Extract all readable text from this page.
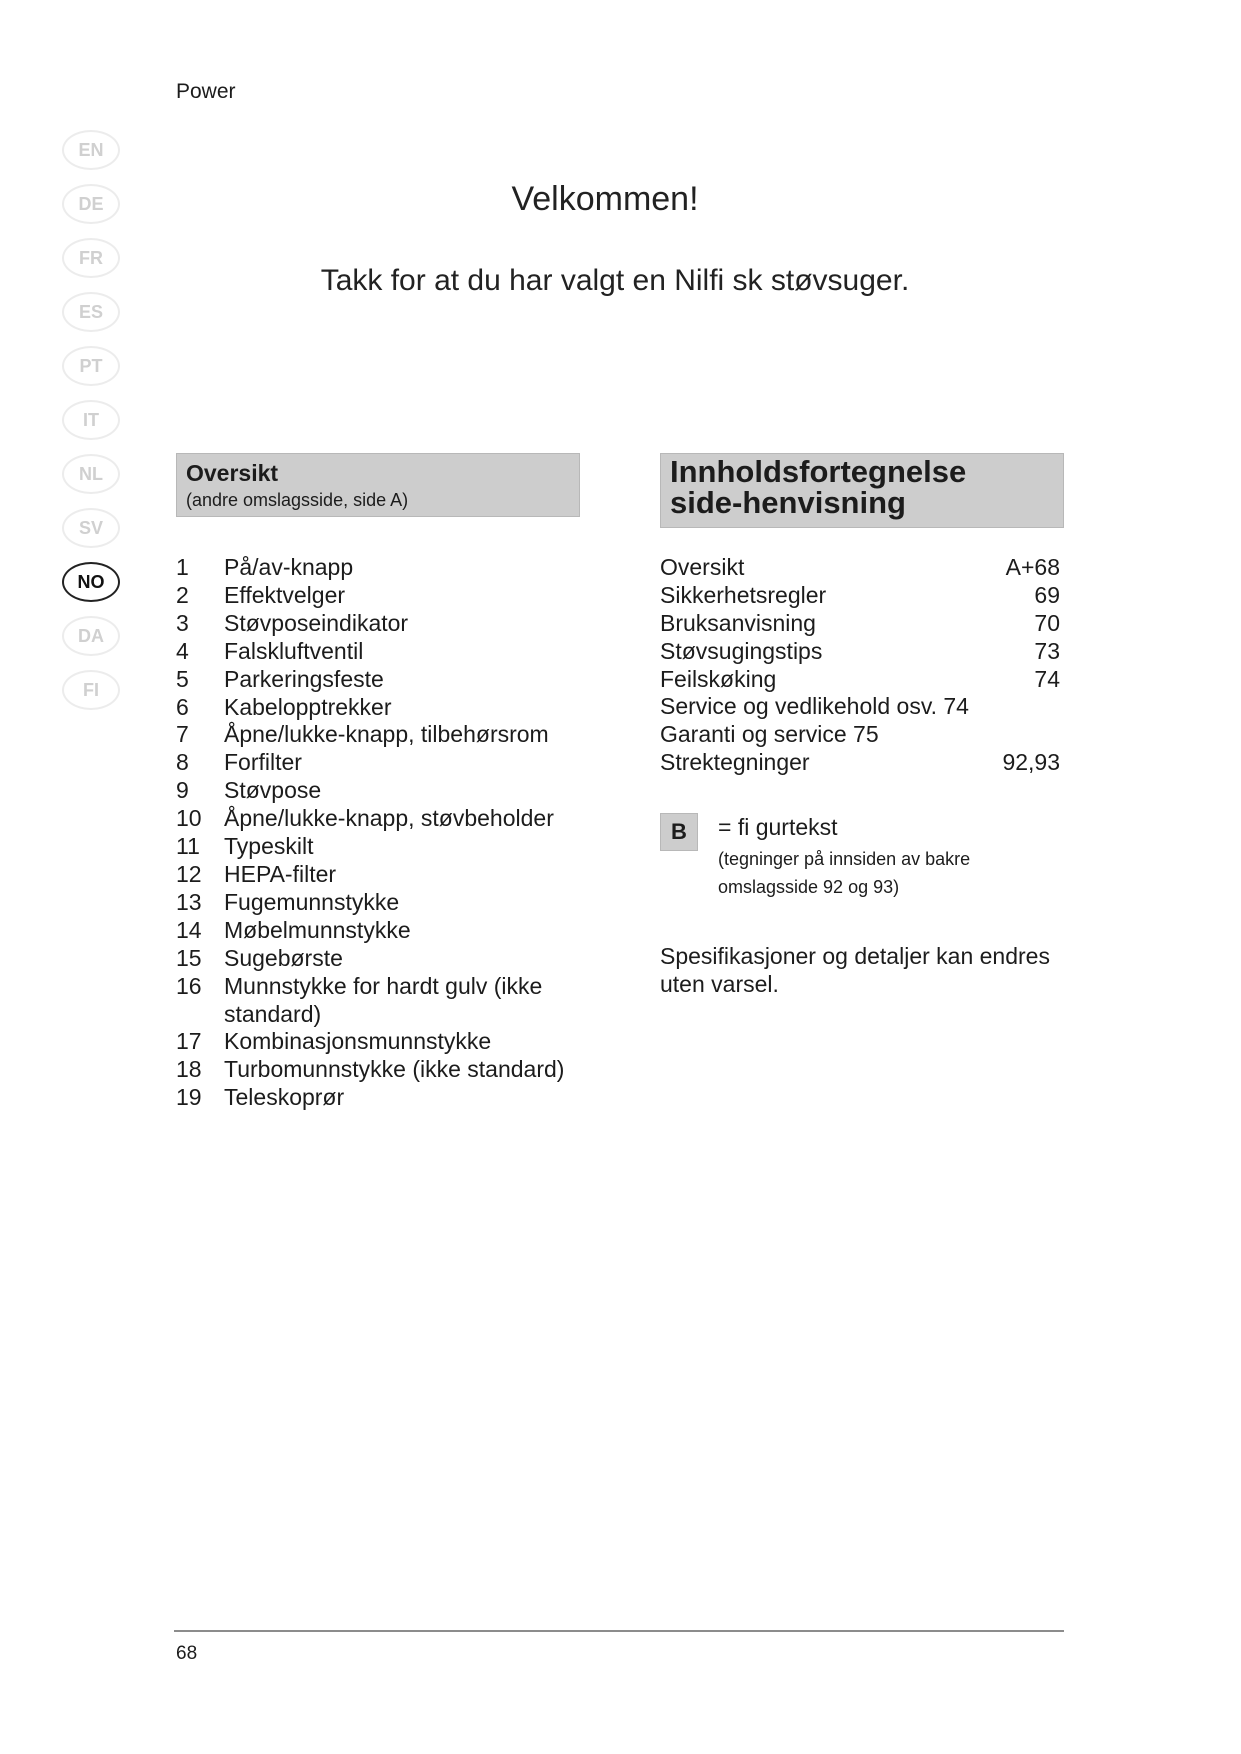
Power
EN
DE
FR
ES
PT
IT
NL
SV
NO
DA
FI
Velkommen!
Takk for at du har valgt en Nilfi sk støvsuger.
Oversikt
(andre omslagsside, side A)
Innholdsfortegnelse
side-henvisning
1	På/av-knapp
2	Effektvelger
3	Støvposeindikator
4	Falskluftventil
5	Parkeringsfeste
6	Kabelopptrekker
7	Åpne/lukke-knapp, tilbehørsrom
8	Forfilter
9	Støvpose
10 Åpne/lukke-knapp, støvbeholder
11	Typeskilt
12 HEPA-filter
13 Fugemunnstykke
14 Møbelmunnstykke
15 Sugebørste
16 Munnstykke for hardt gulv (ikke standard)
17 Kombinasjonsmunnstykke
18 Turbomunnstykke (ikke standard)
19 Teleskoprør
Oversikt	A+68
Sikkerhetsregler	69
Bruksanvisning	70
Støvsugingstips	73
Feilskøking	74
Service og vedlikehold osv. 74
Garanti og service 75
Strektegninger	92,93
B	= fi gurtekst
(tegninger på innsiden av bakre omslagsside 92 og 93)
Spesifikasjoner og detaljer kan endres uten varsel.
68
